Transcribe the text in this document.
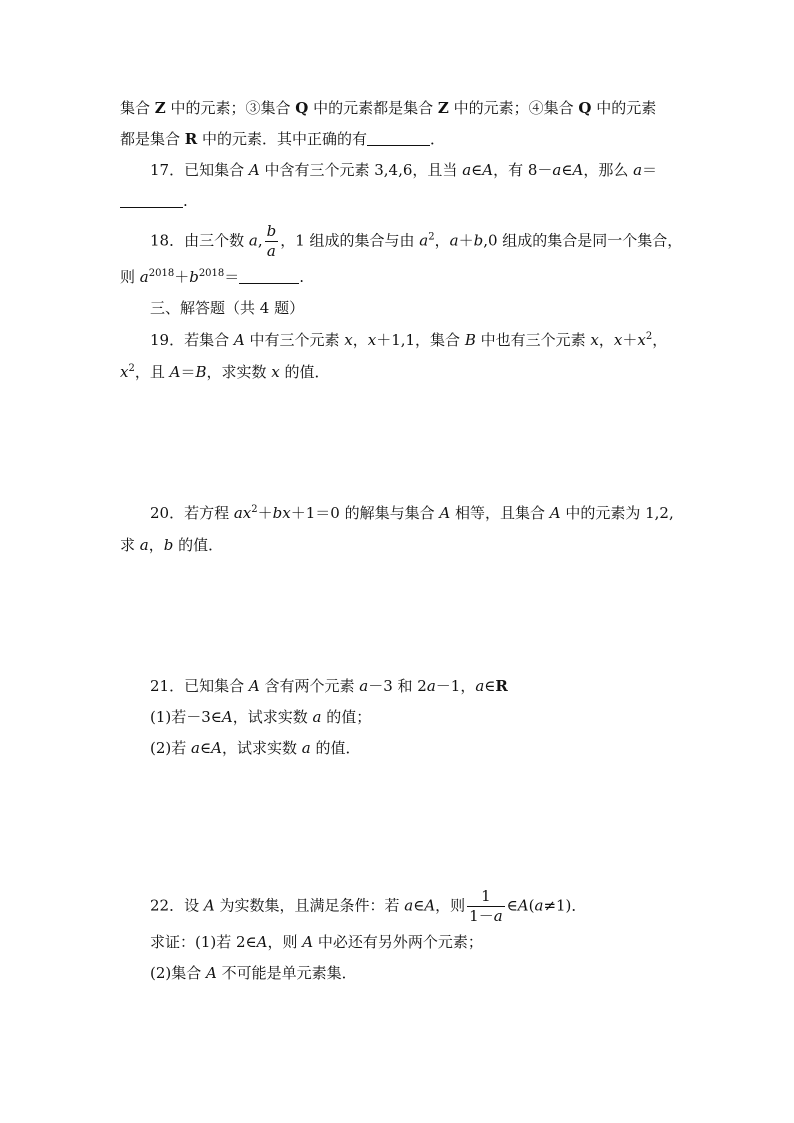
集合 Z 中的元素；③集合 Q 中的元素都是集合 Z 中的元素；④集合 Q 中的元素
都是集合 R 中的元素．其中正确的有	．
17．已知集合 A 中含有三个元素 3,4,6，且当 a∈A，有 8－a∈A，那么 a＝
.
18．由三个数 a, $\frac{b}{a}$ ，1 组成的集合与由 $a^2$，a＋b,0 组成的集合是同一个集合，
则 $a^{2018}+b^{2018}=$	.
三、解答题（共 4 题）
19．若集合 A 中有三个元素 x，x＋1,1，集合 B 中也有三个元素 x，$x+x^2$，
$x^2$，且 A＝B，求实数 x 的值．
20．若方程 $ax^2+bx+1=0$ 的解集与集合 A 相等，且集合 A 中的元素为 1,2,
求 a，b 的值．
21．已知集合 A 含有两个元素 a－3 和 2a－1，a∈R
(1)若－3∈A，试求实数 a 的值；
(2)若 a∈A，试求实数 a 的值．
22．设 A 为实数集，且满足条件：若 a∈A，则 $\frac{1}{1-a}$ ∈A(a≠1)．
求证：(1)若 2∈A，则 A 中必还有另外两个元素；
(2)集合 A 不可能是单元素集．
